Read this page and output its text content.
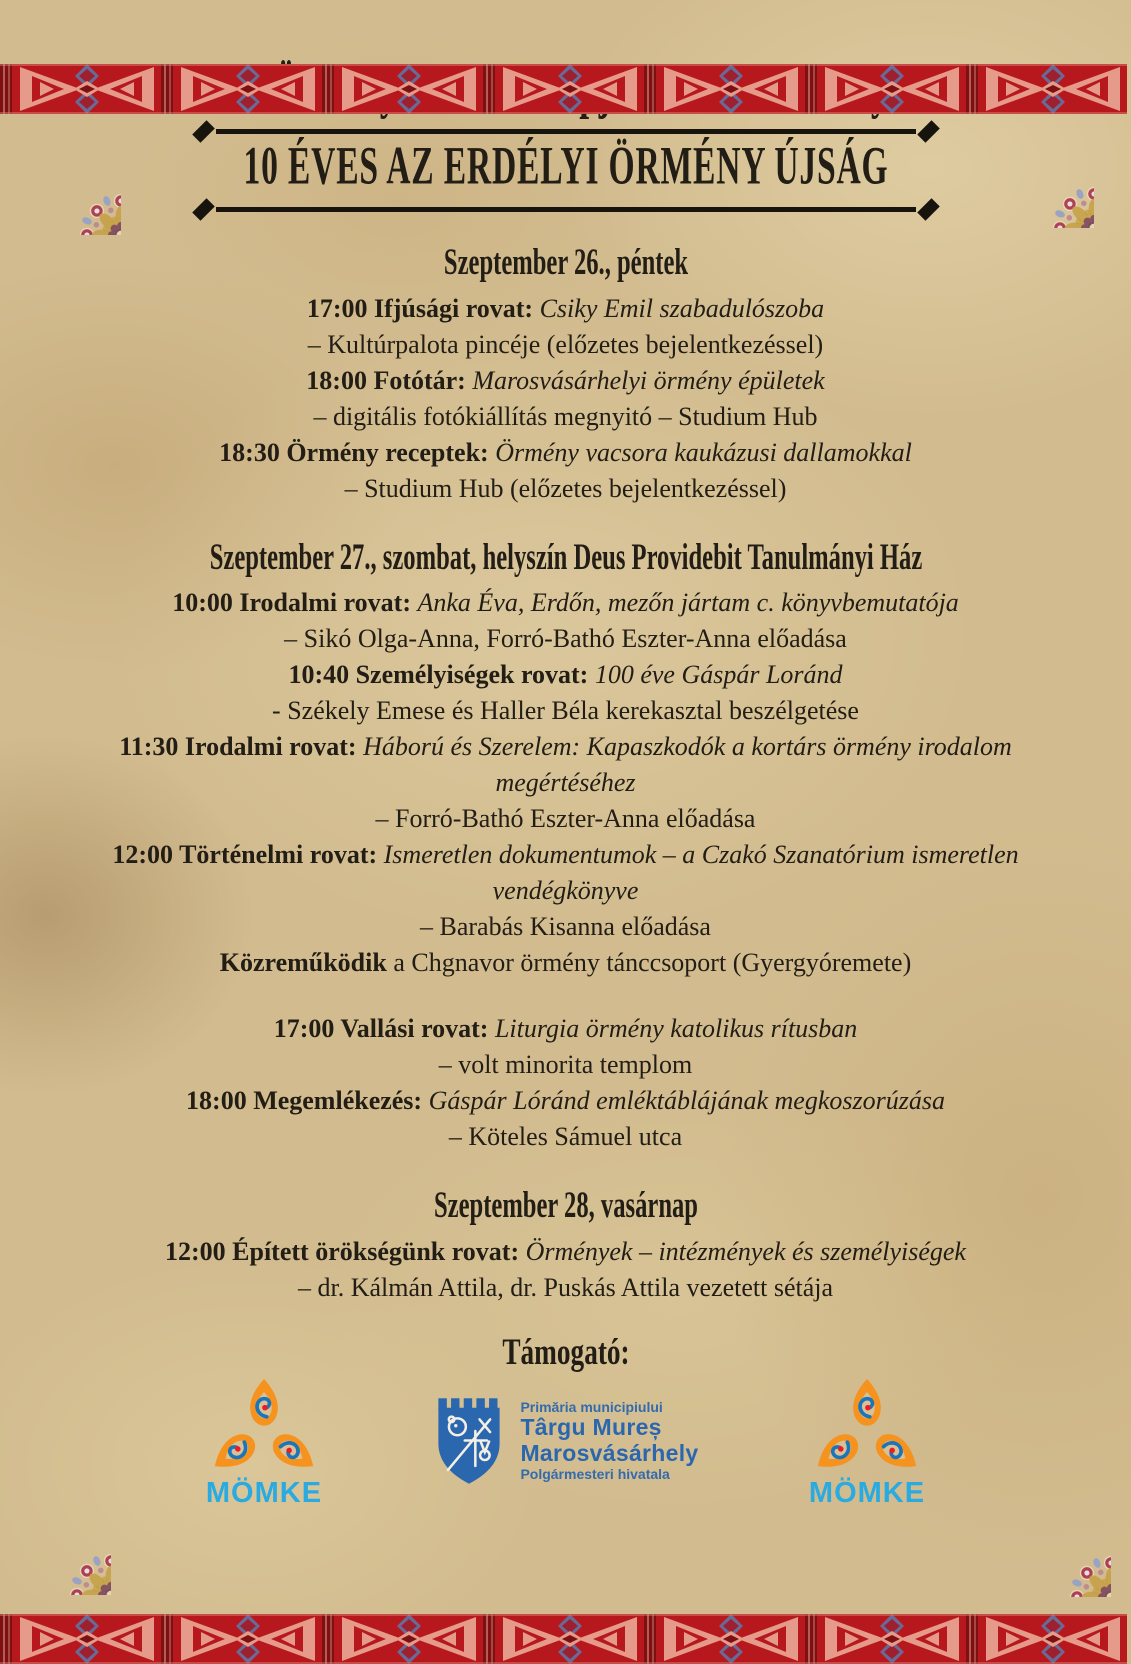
10 ÉVES AZ ERDÉLYI ÖRMÉNY ÚJSÁG
Szeptember 26., péntek

17:00 Ifjúsági rovat: Csiky Emil szabadulószoba

– Kultúrpalota pincéje (előzetes bejelentkezéssel)

18:00 Fotótár: Marosvásárhelyi örmény épületek

– digitális fotókiállítás megnyitó – Studium Hub

18:30 Örmény receptek: Örmény vacsora kaukázusi dallamokkal

– Studium Hub (előzetes bejelentkezéssel)

Szeptember 27., szombat, helyszín Deus Providebit Tanulmányi Ház

10:00 Irodalmi rovat: Anka Éva, Erdőn, mezőn jártam c. könyvbemutatója

– Sikó Olga-Anna, Forró-Bathó Eszter-Anna előadása

10:40 Személyiségek rovat: 100 éve Gáspár Loránd

- Székely Emese és Haller Béla kerekasztal beszélgetése

11:30 Irodalmi rovat: Háború és Szerelem: Kapaszkodók a kortárs örmény irodalom

megértéséhez

– Forró-Bathó Eszter-Anna előadása

12:00 Történelmi rovat: Ismeretlen dokumentumok – a Czakó Szanatórium ismeretlen

vendégkönyve

– Barabás Kisanna előadása

Közreműködik a Chgnavor örmény tánccsoport (Gyergyóremete)

17:00 Vallási rovat: Liturgia örmény katolikus rítusban

– volt minorita templom

18:00 Megemlékezés: Gáspár Lóránd emléktáblájának megkoszorúzása

– Köteles Sámuel utca

Szeptember 28, vasárnap

12:00 Épített örökségünk rovat: Örmények – intézmények és személyiségek

– dr. Kálmán Attila, dr. Puskás Attila vezetett sétája

Támogató:
MÖMKE
Primăria municipiului
Târgu Mureș
Marosvásárhely
Polgármesteri hivatala
MÖMKE
